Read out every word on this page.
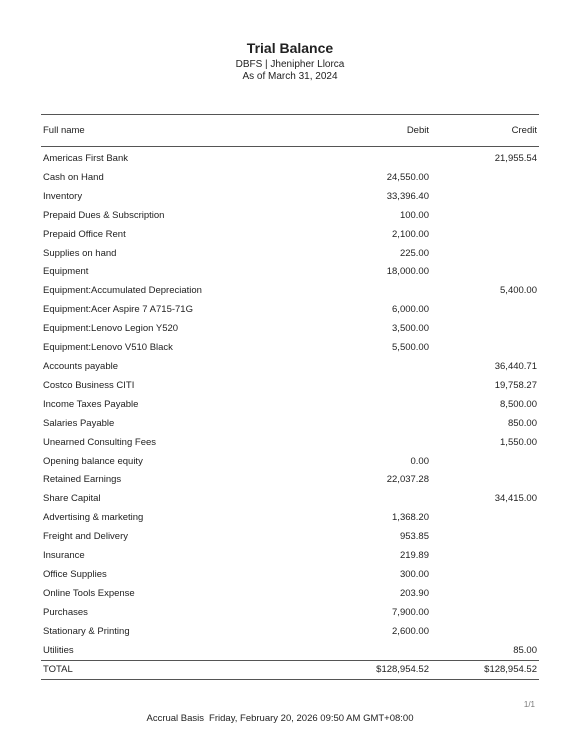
Trial Balance
DBFS | Jhenipher Llorca
As of March 31, 2024
Full name	Debit	Credit

Americas First Bank		21,955.54
Cash on Hand	24,550.00	
Inventory	33,396.40	
Prepaid Dues & Subscription	100.00	
Prepaid Office Rent	2,100.00	
Supplies on hand	225.00	
Equipment	18,000.00	
Equipment:Accumulated Depreciation		5,400.00
Equipment:Acer Aspire 7 A715-71G	6,000.00	
Equipment:Lenovo Legion Y520	3,500.00	
Equipment:Lenovo V510 Black	5,500.00	
Accounts payable		36,440.71
Costco Business CITI		19,758.27
Income Taxes Payable		8,500.00
Salaries Payable		850.00
Unearned Consulting Fees		1,550.00
Opening balance equity	0.00	
Retained Earnings	22,037.28	
Share Capital		34,415.00
Advertising & marketing	1,368.20	
Freight and Delivery	953.85	
Insurance	219.89	
Office Supplies	300.00	
Online Tools Expense	203.90	
Purchases	7,900.00	
Stationary & Printing	2,600.00	
Utilities		85.00
TOTAL	$128,954.52	$128,954.52
1/1
Accrual Basis Friday, February 20, 2026 09:50 AM GMT+08:00
